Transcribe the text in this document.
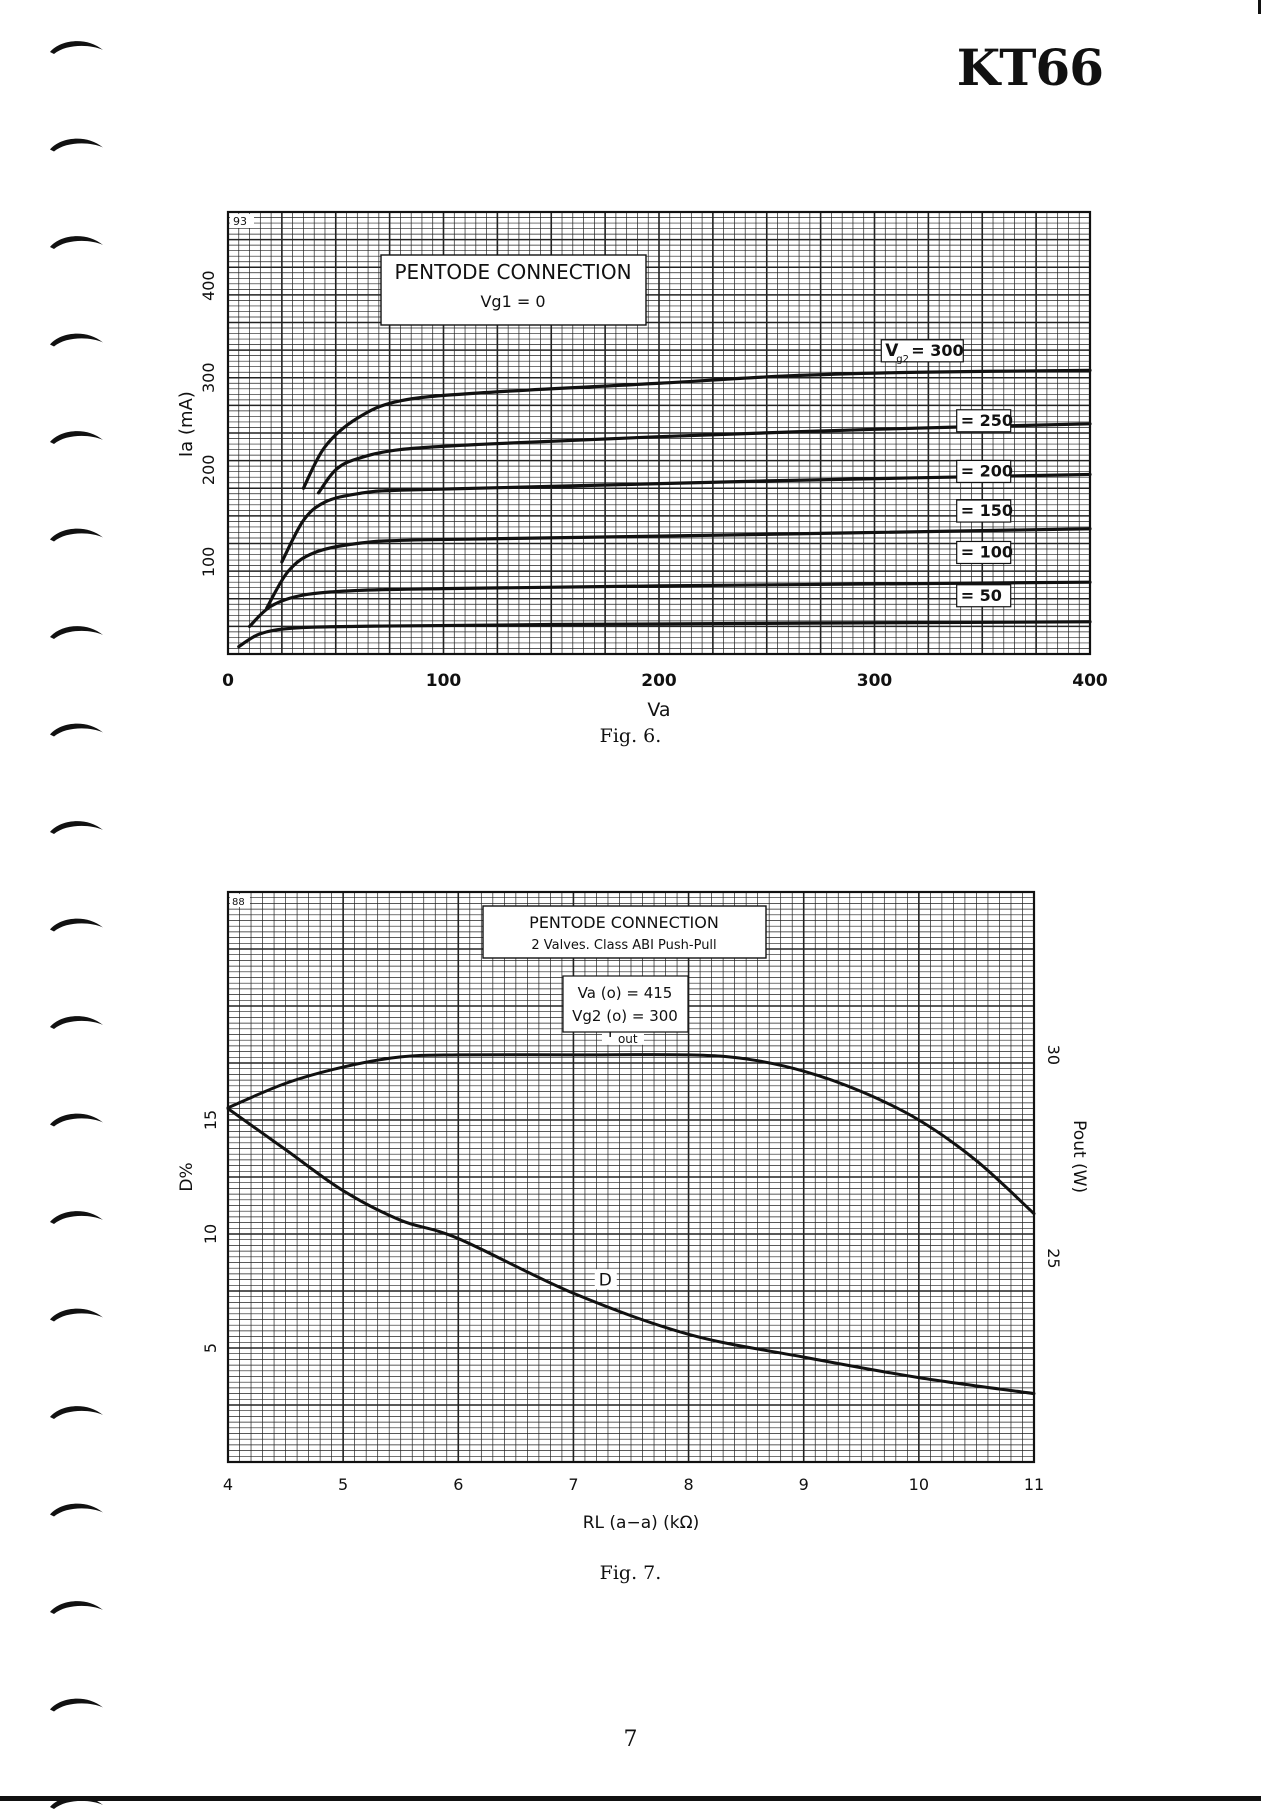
KT66
93
V
g2 = 300
= 250
= 200
= 150
= 100
= 50
PENTODE CONNECTION
Vg1 = 0
0	100	200	300	400
100
200
300
400
Va
Ia (mA)
Fig. 6.
88
out
D
PENTODE CONNECTION
2 Valves. Class ABI Push-Pull
Va (o) = 415
Vg2 (o) = 300
4	5	6	7	8	9	10	11
5
10
15
25
30
RL (a−a) (kΩ)
D%	Pout (W)
Fig. 7.
7
